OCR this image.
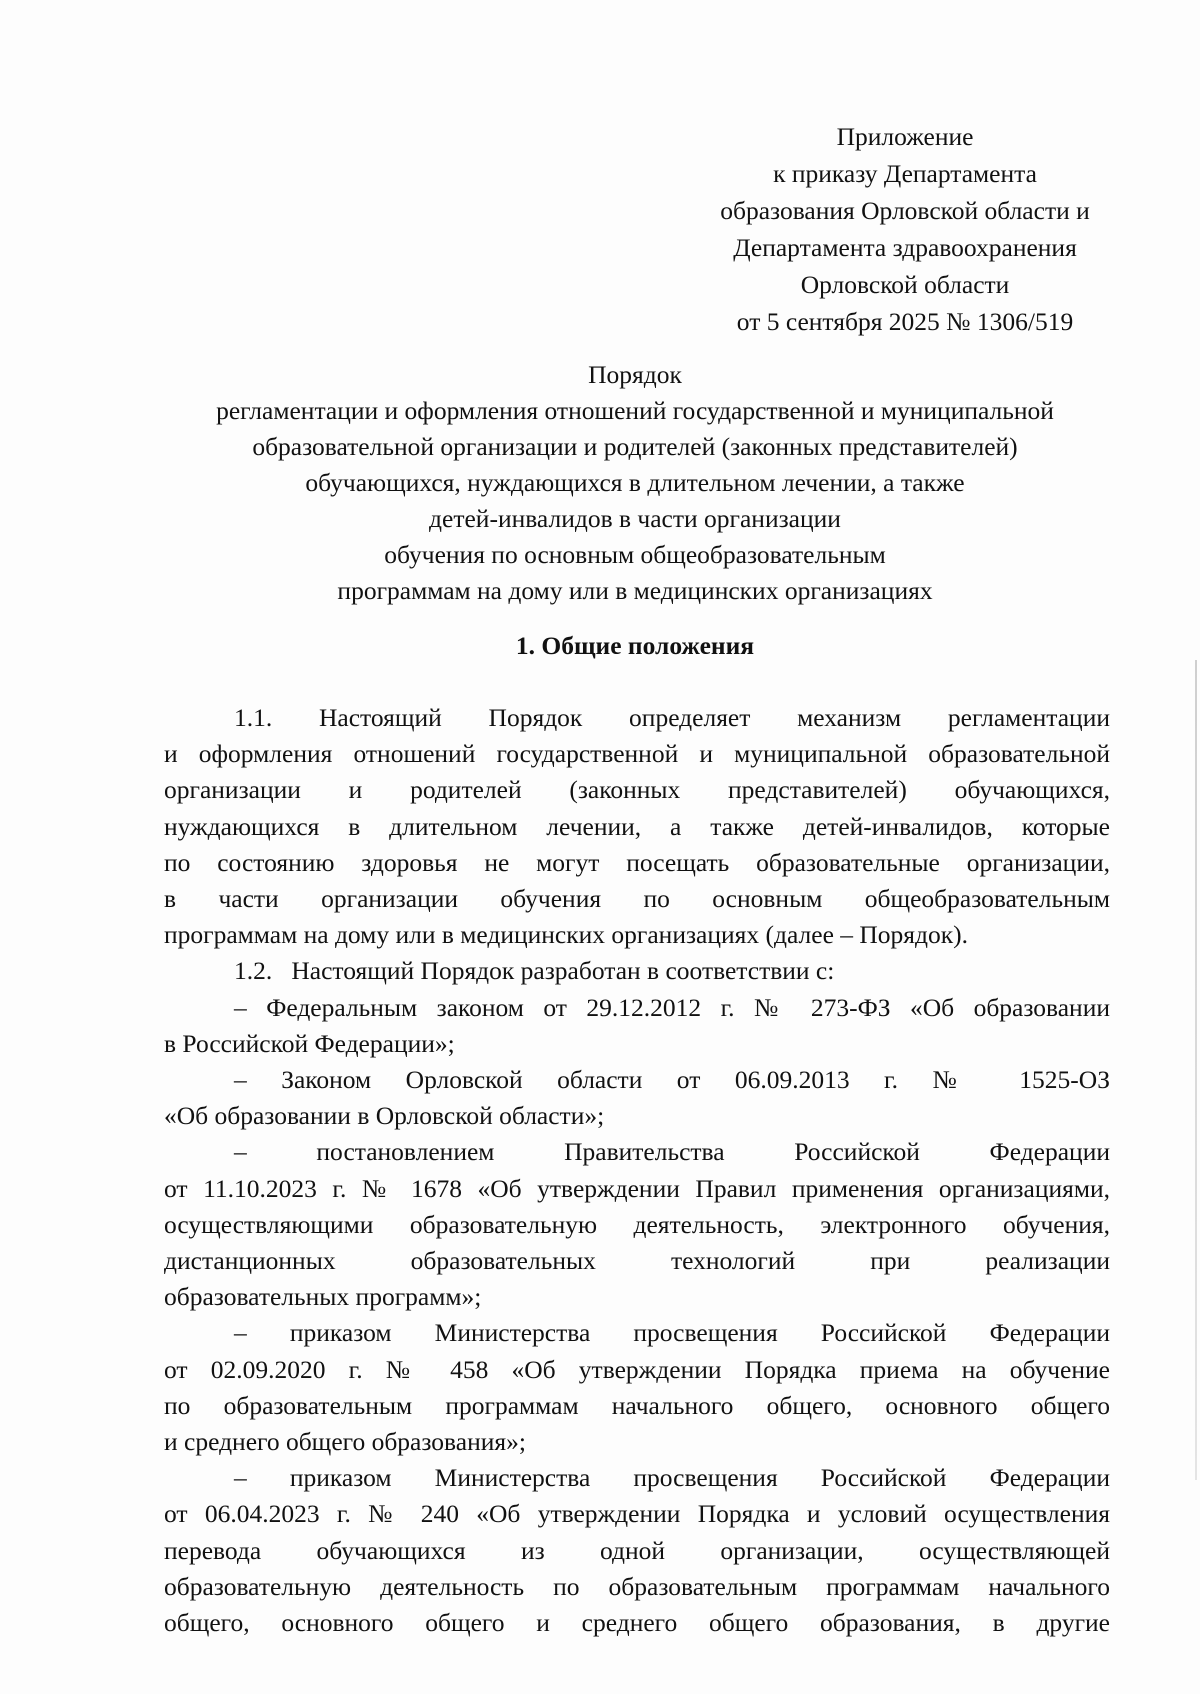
Приложение
к приказу Департамента
образования Орловской области и
Департамента здравоохранения
Орловской области
от 5 сентября 2025 № 1306/519
Порядок
регламентации и оформления отношений государственной и муниципальной
образовательной организации и родителей (законных представителей)
обучающихся, нуждающихся в длительном лечении, а также
детей-инвалидов в части организации
обучения по основным общеобразовательным
программам на дому или в медицинских организациях
1. Общие положения
1.1. Настоящий Порядок определяет механизм регламентации
и оформления отношений государственной и муниципальной образовательной
организации и родителей (законных представителей) обучающихся,
нуждающихся в длительном лечении, а также детей-инвалидов, которые
по состоянию здоровья не могут посещать образовательные организации,
в части организации обучения по основным общеобразовательным
программам на дому или в медицинских организациях (далее – Порядок).
1.2.   Настоящий Порядок разработан в соответствии с:
– Федеральным законом от 29.12.2012 г. № 273-ФЗ «Об образовании
в Российской Федерации»;
– Законом Орловской области от 06.09.2013 г. № 1525-ОЗ
«Об образовании в Орловской области»;
– постановлением Правительства Российской Федерации
от 11.10.2023 г. № 1678 «Об утверждении Правил применения организациями,
осуществляющими образовательную деятельность, электронного обучения,
дистанционных образовательных технологий при реализации
образовательных программ»;
– приказом Министерства просвещения Российской Федерации
от 02.09.2020 г. № 458 «Об утверждении Порядка приема на обучение
по образовательным программам начального общего, основного общего
и среднего общего образования»;
– приказом Министерства просвещения Российской Федерации
от 06.04.2023 г. № 240 «Об утверждении Порядка и условий осуществления
перевода обучающихся из одной организации, осуществляющей
образовательную деятельность по образовательным программам начального
общего, основного общего и среднего общего образования, в другие
